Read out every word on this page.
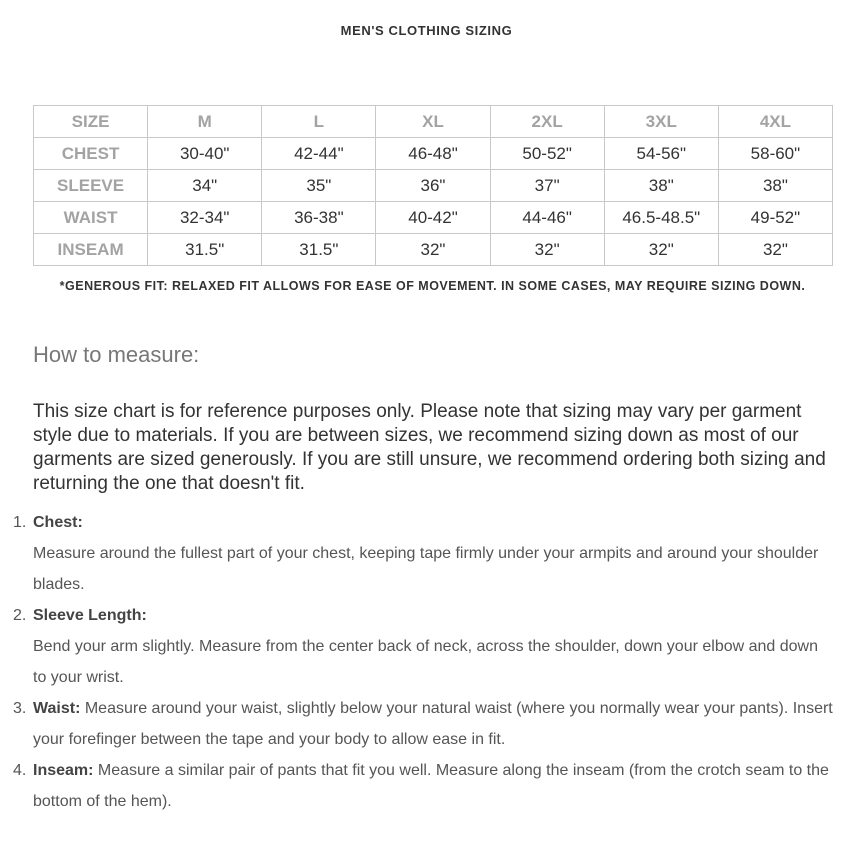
MEN'S CLOTHING SIZING
SIZE	M	L	XL	2XL	3XL	4XL
CHEST	30-40"	42-44"	46-48"	50-52"	54-56"	58-60"
SLEEVE	34"	35"	36"	37"	38"	38"
WAIST	32-34"	36-38"	40-42"	44-46"	46.5-48.5"	49-52"
INSEAM	31.5"	31.5"	32"	32"	32"	32"
*GENEROUS FIT: RELAXED FIT ALLOWS FOR EASE OF MOVEMENT. IN SOME CASES, MAY REQUIRE SIZING DOWN.
How to measure:

This size chart is for reference purposes only. Please note that sizing may vary per garment style due to materials. If you are between sizes, we recommend sizing down as most of our garments are sized generously. If you are still unsure, we recommend ordering both sizing and returning the one that doesn't fit.

1. Chest:
Measure around the fullest part of your chest, keeping tape firmly under your armpits and around your shoulder blades.
2. Sleeve Length:
Bend your arm slightly. Measure from the center back of neck, across the shoulder, down your elbow and down to your wrist.
3. Waist: Measure around your waist, slightly below your natural waist (where you normally wear your pants). Insert your forefinger between the tape and your body to allow ease in fit.
4. Inseam: Measure a similar pair of pants that fit you well. Measure along the inseam (from the crotch seam to the bottom of the hem).
